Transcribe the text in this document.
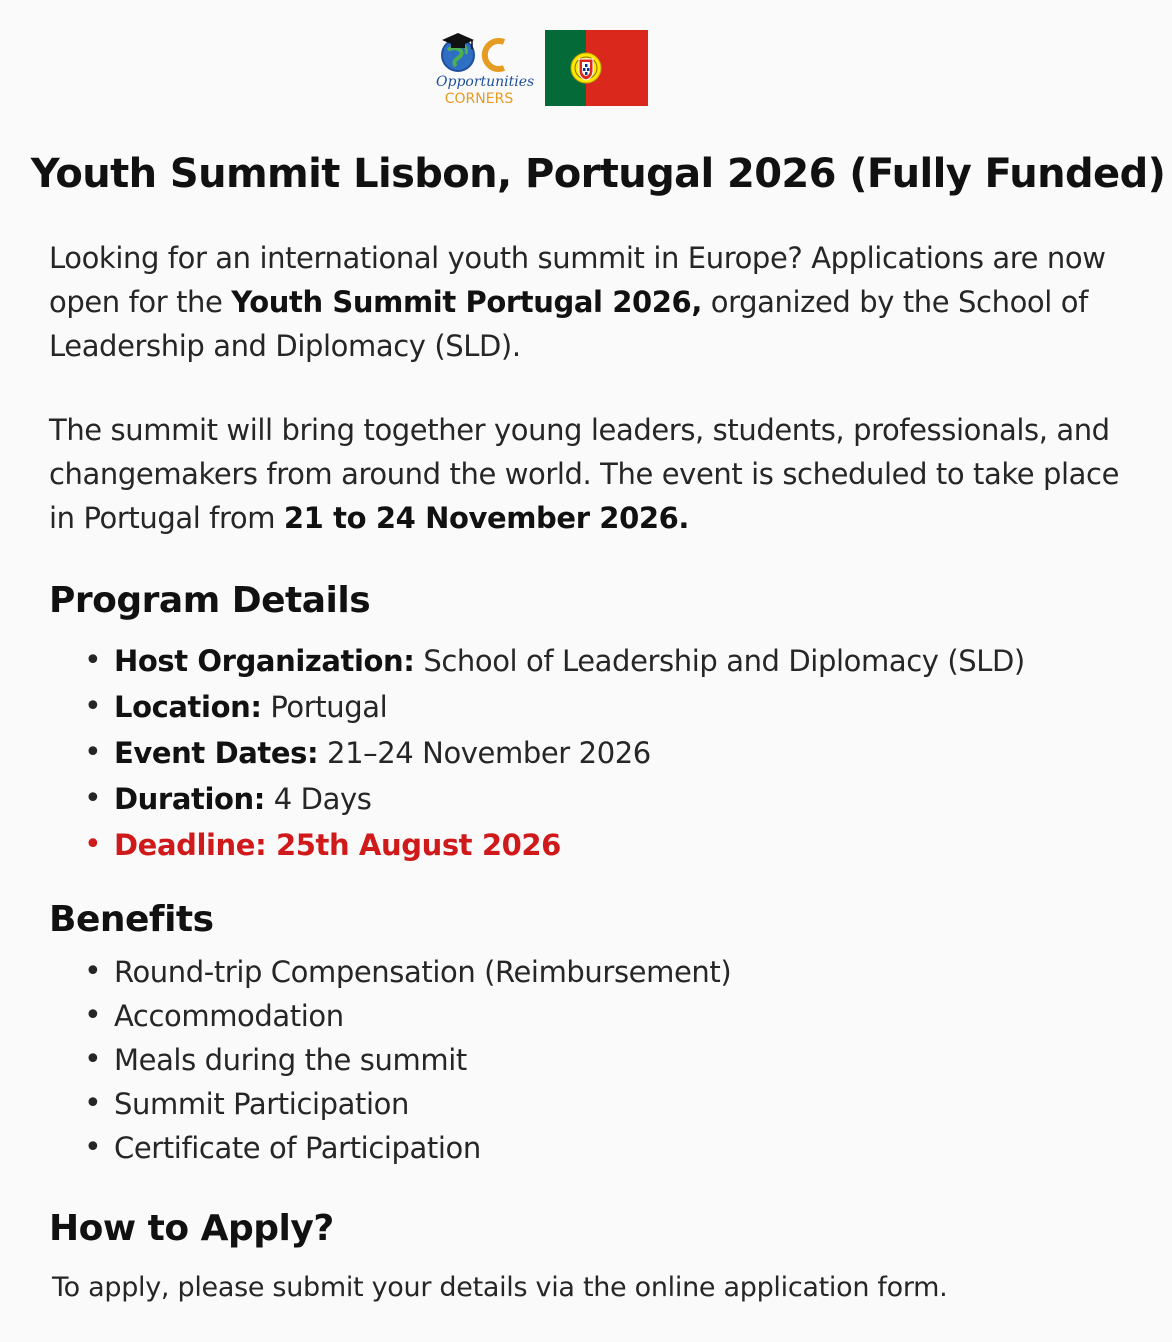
Opportunities
CORNERS
Youth Summit Lisbon, Portugal 2026 (Fully Funded)
Looking for an international youth summit in Europe? Applications are now open for the Youth Summit Portugal 2026, organized by the School of Leadership and Diplomacy (SLD).
The summit will bring together young leaders, students, professionals, and changemakers from around the world. The event is scheduled to take place in Portugal from 21 to 24 November 2026.
Program Details
• Host Organization: School of Leadership and Diplomacy (SLD)
• Location: Portugal
• Event Dates: 21–24 November 2026
• Duration: 4 Days
• Deadline: 25th August 2026
Benefits
• Round-trip Compensation (Reimbursement)
• Accommodation
• Meals during the summit
• Summit Participation
• Certificate of Participation
How to Apply?
To apply, please submit your details via the online application form.
